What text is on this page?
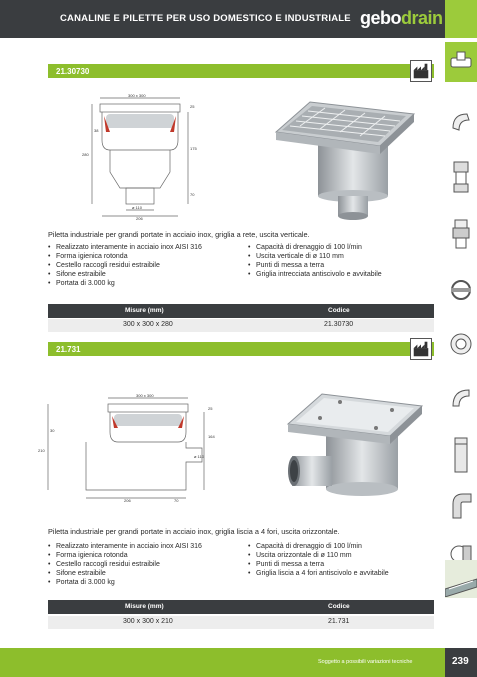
CANALINE E PILETTE PER USO DOMESTICO E INDUSTRIALE gebodrain
21.30730
300 x 300
25
280
38
175
70
ø 110
206
Piletta industriale per grandi portate in acciaio inox, griglia a rete, uscita verticale.
• Realizzato interamente in acciaio inox AISI 316
• Forma igienica rotonda
• Cestello raccogli residui estraibile
• Sifone estraibile
• Portata di 3.000 kg
• Capacità di drenaggio di 100 l/min
• Uscita verticale di ø 110 mm
• Punti di messa a terra
• Griglia intrecciata antiscivolo e avvitabile
Misure (mm)	Codice
300 x 300 x 280	21.30730
21.731
300 x 300
25
210
30
164
ø 110
206	70
Piletta industriale per grandi portate in acciaio inox, griglia liscia a 4 fori, uscita orizzontale.
• Realizzato interamente in acciaio inox AISI 316
• Forma igienica rotonda
• Cestello raccogli residui estraibile
• Sifone estraibile
• Portata di 3.000 kg
• Capacità di drenaggio di 100 l/min
• Uscita orizzontale di ø 110 mm
• Punti di messa a terra
• Griglia liscia a 4 fori antiscivolo e avvitabile
Misure (mm)	Codice
300 x 300 x 210	21.731
Soggetto a possibili variazioni tecniche	239
